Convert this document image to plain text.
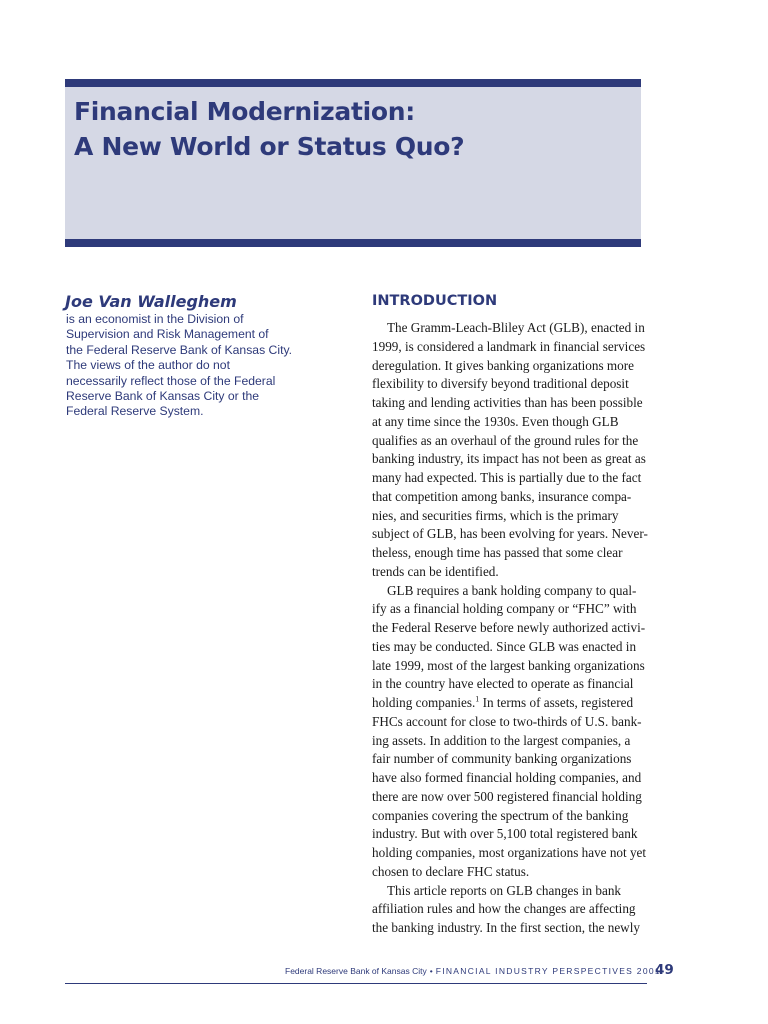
Financial Modernization:
A New World or Status Quo?
Joe Van Walleghem
is an economist in the Division of
Supervision and Risk Management of
the Federal Reserve Bank of Kansas City.
The views of the author do not
necessarily reflect those of the Federal
Reserve Bank of Kansas City or the
Federal Reserve System.
INTRODUCTION
The Gramm-Leach-Bliley Act (GLB), enacted in
1999, is considered a landmark in financial services
deregulation. It gives banking organizations more
flexibility to diversify beyond traditional deposit
taking and lending activities than has been possible
at any time since the 1930s. Even though GLB
qualifies as an overhaul of the ground rules for the
banking industry, its impact has not been as great as
many had expected. This is partially due to the fact
that competition among banks, insurance compa-
nies, and securities firms, which is the primary
subject of GLB, has been evolving for years. Never-
theless, enough time has passed that some clear
trends can be identified.
GLB requires a bank holding company to qual-
ify as a financial holding company or “FHC” with
the Federal Reserve before newly authorized activi-
ties may be conducted. Since GLB was enacted in
late 1999, most of the largest banking organizations
in the country have elected to operate as financial
holding companies.$^1$ In terms of assets, registered
FHCs account for close to two-thirds of U.S. bank-
ing assets. In addition to the largest companies, a
fair number of community banking organizations
have also formed financial holding companies, and
there are now over 500 registered financial holding
companies covering the spectrum of the banking
industry. But with over 5,100 total registered bank
holding companies, most organizations have not yet
chosen to declare FHC status.
This article reports on GLB changes in bank
affiliation rules and how the changes are affecting
the banking industry. In the first section, the newly
Federal Reserve Bank of Kansas City • FINANCIAL INDUSTRY PERSPECTIVES 2001
49
